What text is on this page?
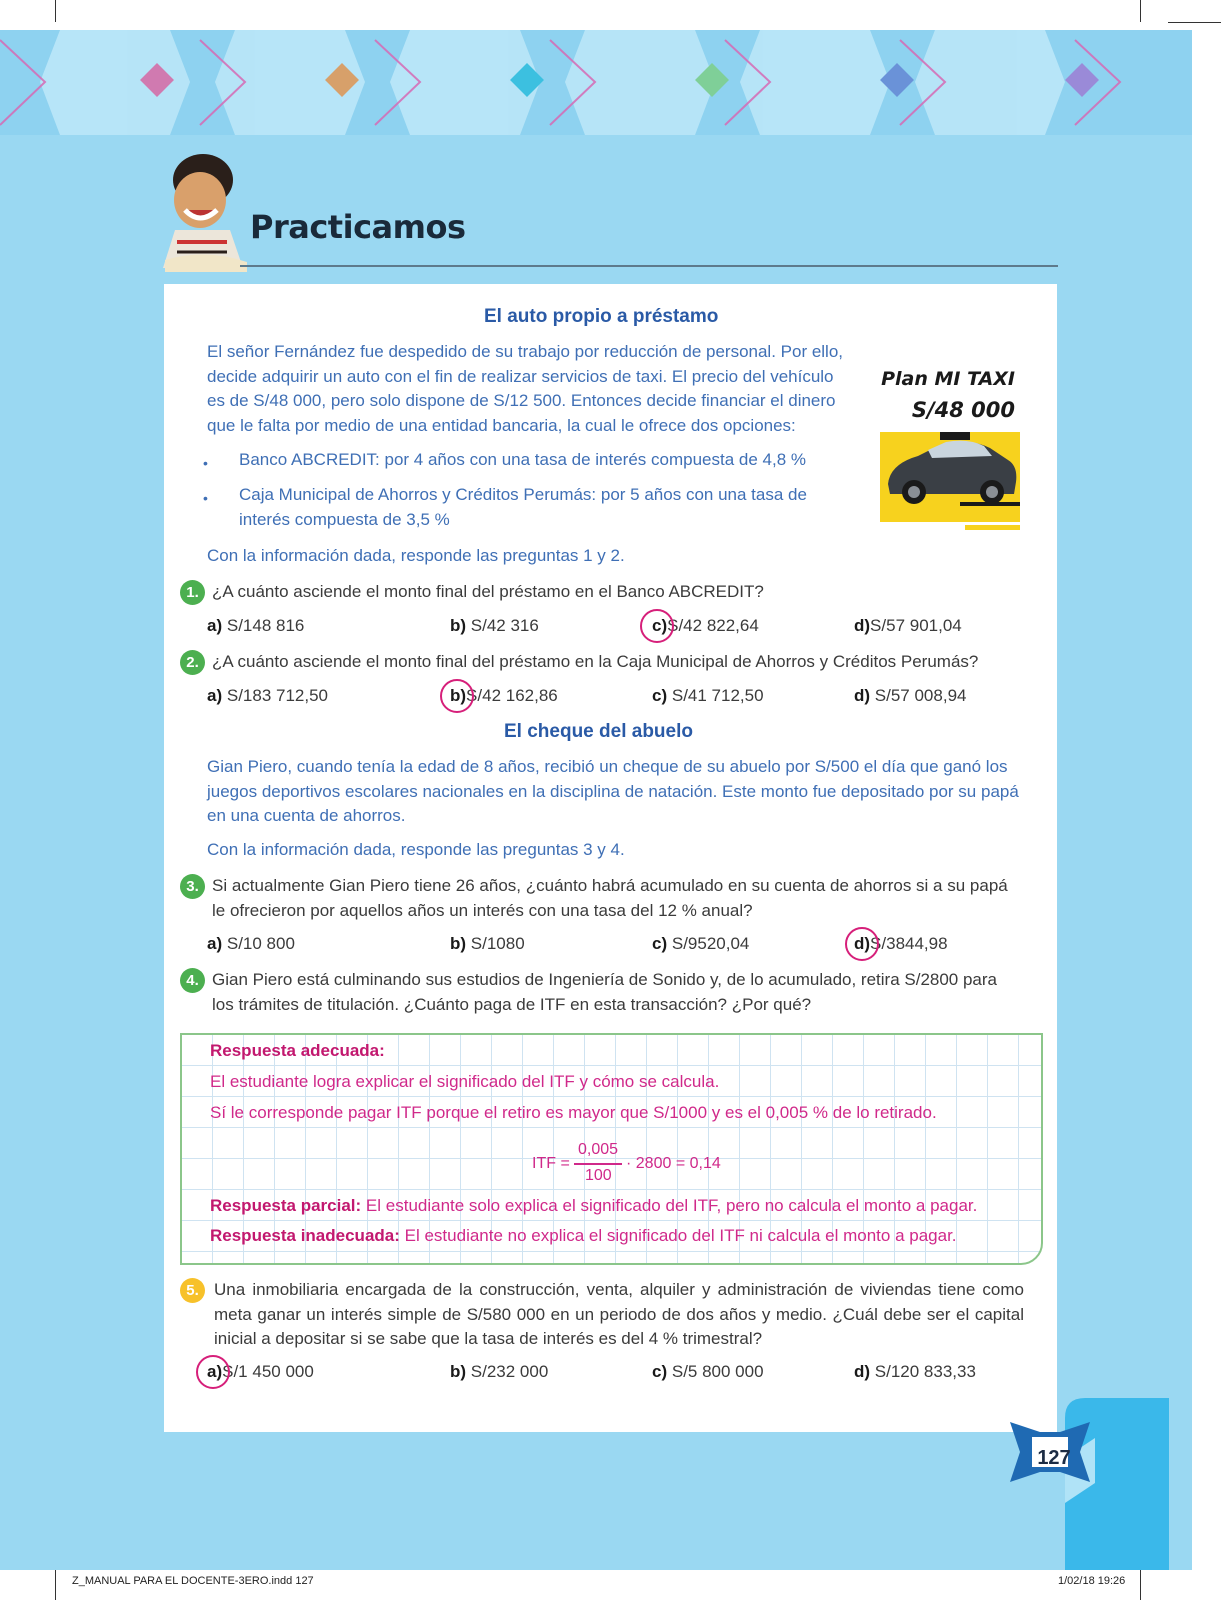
Practicamos
El auto propio a préstamo
El señor Fernández fue despedido de su trabajo por reducción de personal. Por ello, decide adquirir un auto con el fin de realizar servicios de taxi. El precio del vehículo es de S/48 000, pero solo dispone de S/12 500. Entonces decide financiar el dinero que le falta por medio de una entidad bancaria, la cual le ofrece dos opciones:
• Banco ABCREDIT: por 4 años con una tasa de interés compuesta de 4,8 %
• Caja Municipal de Ahorros y Créditos Perumás: por 5 años con una tasa de interés compuesta de 3,5 %
Con la información dada, responde las preguntas 1 y 2.
Plan MI TAXI
S/48 000
1. ¿A cuánto asciende el monto final del préstamo en el Banco ABCREDIT?
a) S/148 816	b) S/42 316	c)S/42 822,64	d)S/57 901,04
2. ¿A cuánto asciende el monto final del préstamo en la Caja Municipal de Ahorros y Créditos Perumás?
a) S/183 712,50	b)S/42 162,86	c) S/41 712,50	d) S/57 008,94
El cheque del abuelo
Gian Piero, cuando tenía la edad de 8 años, recibió un cheque de su abuelo por S/500 el día que ganó los juegos deportivos escolares nacionales en la disciplina de natación. Este monto fue depositado por su papá en una cuenta de ahorros.
Con la información dada, responde las preguntas 3 y 4.
3. Si actualmente Gian Piero tiene 26 años, ¿cuánto habrá acumulado en su cuenta de ahorros si a su papá le ofrecieron por aquellos años un interés con una tasa del 12 % anual?
a) S/10 800	b) S/1080	c) S/9520,04	d)S/3844,98
4. Gian Piero está culminando sus estudios de Ingeniería de Sonido y, de lo acumulado, retira S/2800 para los trámites de titulación. ¿Cuánto paga de ITF en esta transacción? ¿Por qué?
Respuesta adecuada:
El estudiante logra explicar el significado del ITF y cómo se calcula.
Sí le corresponde pagar ITF porque el retiro es mayor que S/1000 y es el 0,005 % de lo retirado.
ITF =
0,005
100
· 2800 = 0,14
Respuesta parcial: El estudiante solo explica el significado del ITF, pero no calcula el monto a pagar.
Respuesta inadecuada: El estudiante no explica el significado del ITF ni calcula el monto a pagar.
5. Una inmobiliaria encargada de la construcción, venta, alquiler y administración de viviendas tiene como meta ganar un interés simple de S/580 000 en un periodo de dos años y medio. ¿Cuál debe ser el capital inicial a depositar si se sabe que la tasa de interés es del 4 % trimestral?
a)S/1 450 000	b) S/232 000	c) S/5 800 000	d) S/120 833,33
127
Z_MANUAL PARA EL DOCENTE-3ERO.indd 127	1/02/18 19:26
